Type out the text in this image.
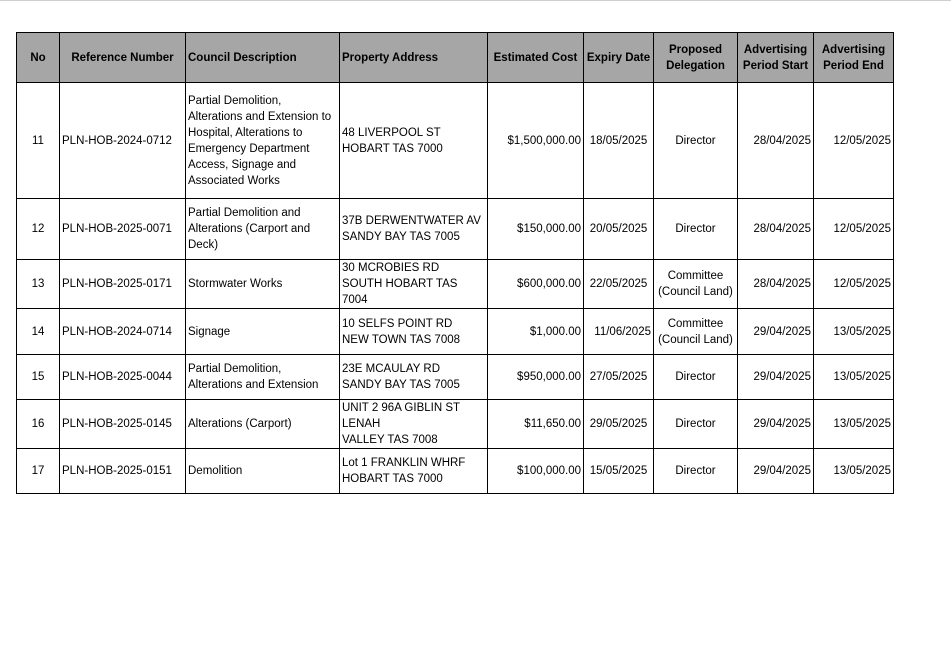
No	Reference Number	Council Description	Property Address	Estimated Cost	Expiry Date	Proposed
Delegation	Advertising
Period Start	Advertising
Period End

11	PLN-HOB-2024-0712	Partial Demolition, Alterations and Extension to Hospital, Alterations to Emergency Department Access, Signage and Associated Works	48 LIVERPOOL ST
HOBART TAS 7000	$1,500,000.00	18/05/2025	Director	28/04/2025	12/05/2025
12	PLN-HOB-2025-0071	Partial Demolition and Alterations (Carport and Deck)	37B DERWENTWATER AV
SANDY BAY TAS 7005	$150,000.00	20/05/2025	Director	28/04/2025	12/05/2025
13	PLN-HOB-2025-0171	Stormwater Works	30 MCROBIES RD
SOUTH HOBART TAS 7004	$600,000.00	22/05/2025	Committee
(Council Land)	28/04/2025	12/05/2025
14	PLN-HOB-2024-0714	Signage	10 SELFS POINT RD
NEW TOWN TAS 7008	$1,000.00	11/06/2025	Committee
(Council Land)	29/04/2025	13/05/2025
15	PLN-HOB-2025-0044	Partial Demolition, Alterations and Extension	23E MCAULAY RD
SANDY BAY TAS 7005	$950,000.00	27/05/2025	Director	29/04/2025	13/05/2025
16	PLN-HOB-2025-0145	Alterations (Carport)	UNIT 2 96A GIBLIN ST LENAH
VALLEY TAS 7008	$11,650.00	29/05/2025	Director	29/04/2025	13/05/2025
17	PLN-HOB-2025-0151	Demolition	Lot 1 FRANKLIN WHRF
HOBART TAS 7000	$100,000.00	15/05/2025	Director	29/04/2025	13/05/2025
